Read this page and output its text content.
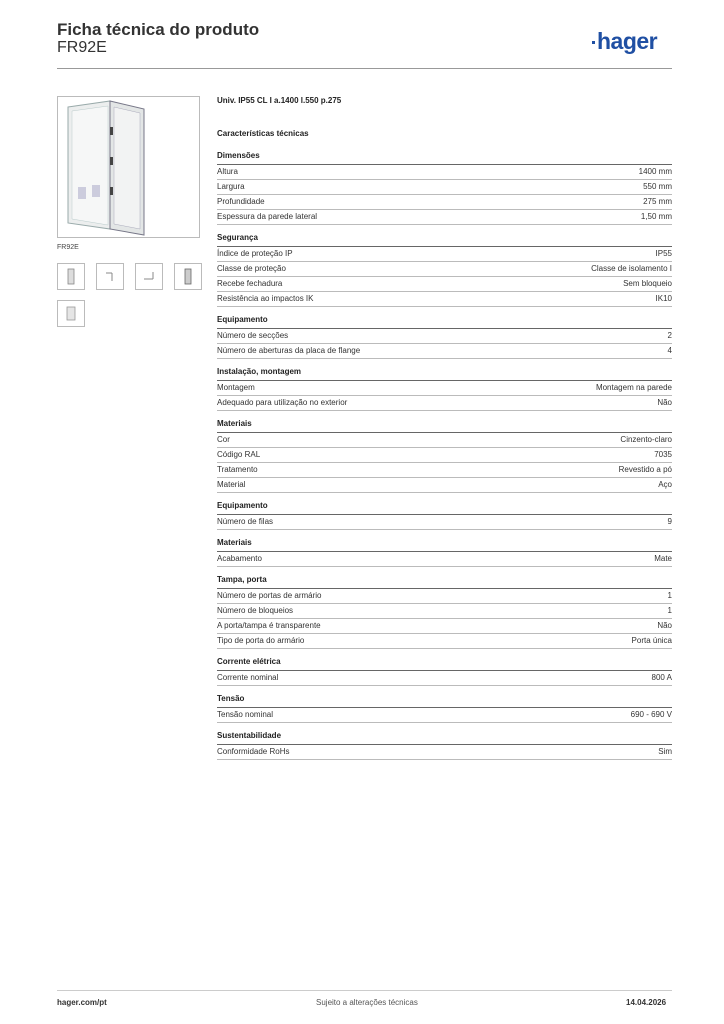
Ficha técnica do produto
FR92E	hager
FR92E
Univ. IP55 CL I a.1400 l.550 p.275
Características técnicas
Dimensões
Altura	1400 mm
Largura	550 mm
Profundidade	275 mm
Espessura da parede lateral	1,50 mm
Segurança
Índice de proteção IP	IP55
Classe de proteção	Classe de isolamento I
Recebe fechadura	Sem bloqueio
Resistência ao impactos IK	IK10
Equipamento
Número de secções	2
Número de aberturas da placa de flange	4
Instalação, montagem
Montagem	Montagem na parede
Adequado para utilização no exterior	Não
Materiais
Cor	Cinzento-claro
Código RAL	7035
Tratamento	Revestido a pó
Material	Aço
Equipamento
Número de filas	9
Materiais
Acabamento	Mate
Tampa, porta
Número de portas de armário	1
Número de bloqueios	1
A porta/tampa é transparente	Não
Tipo de porta do armário	Porta única
Corrente elétrica
Corrente nominal	800 A
Tensão
Tensão nominal	690 - 690 V
Sustentabilidade
Conformidade RoHs	Sim
hager.com/pt	Sujeito a alterações técnicas	14.04.2026
